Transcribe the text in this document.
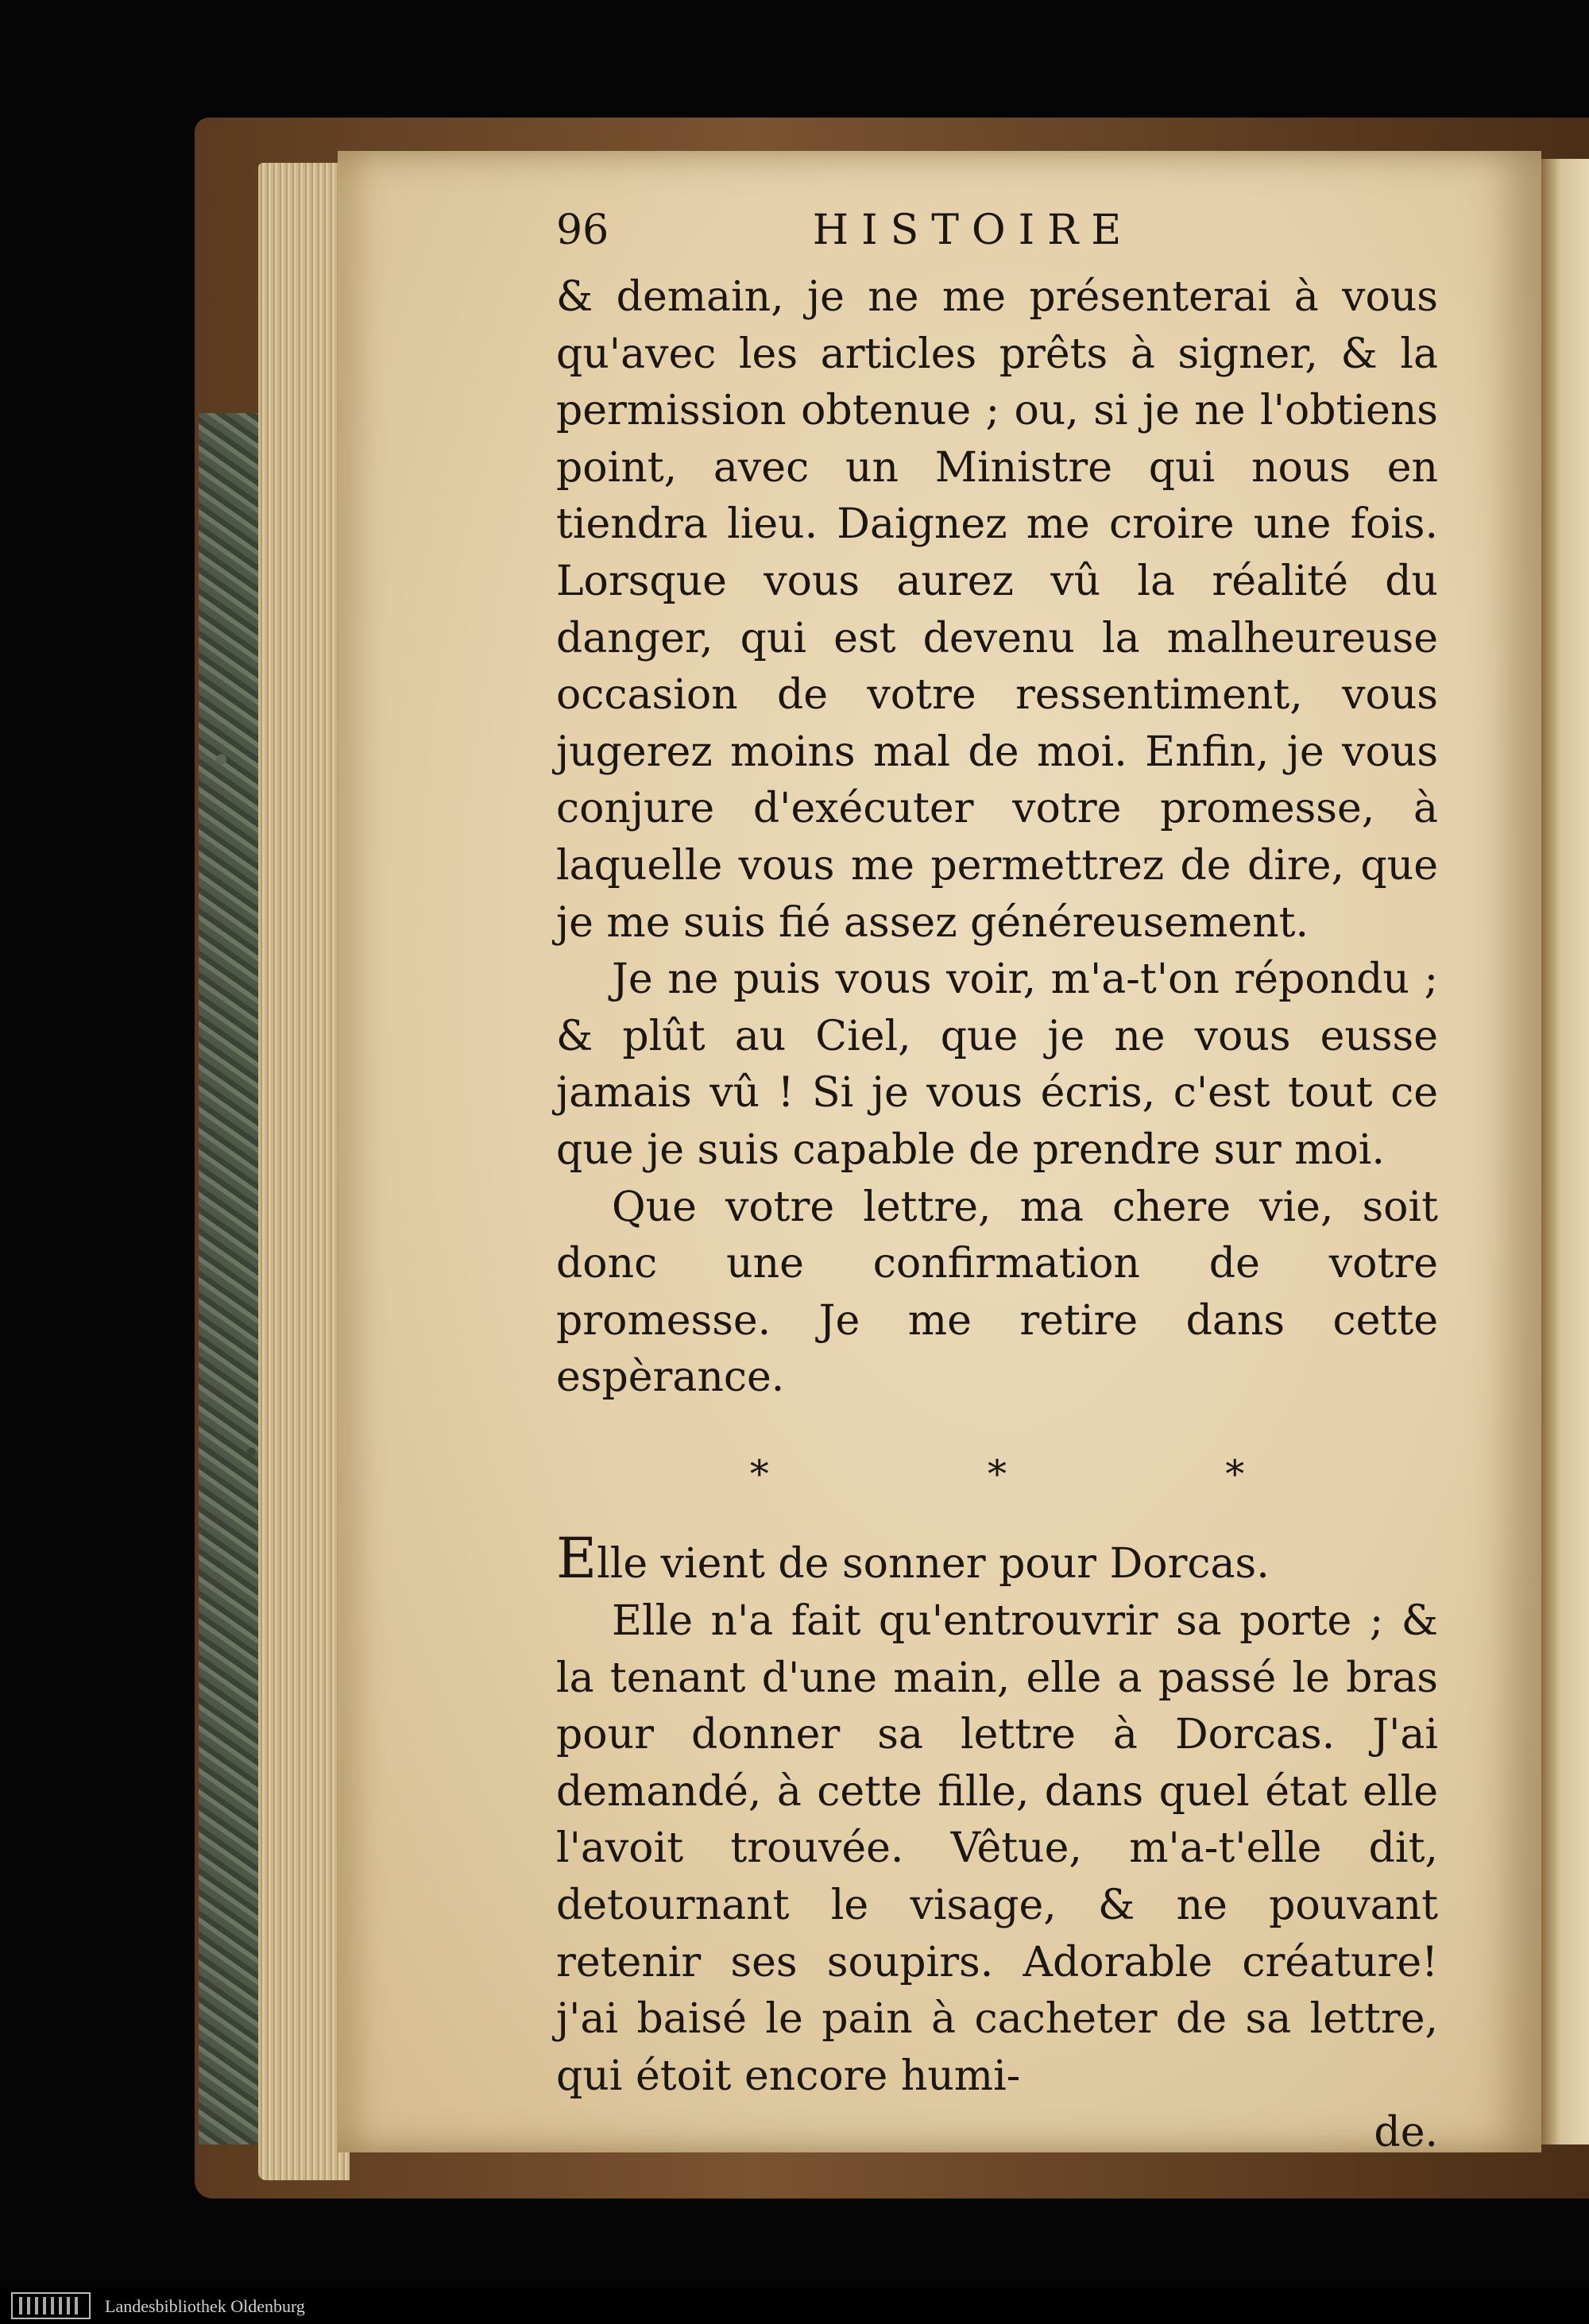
96	HISTOIRE

& demain, je ne me présenterai à vous qu'avec les articles prêts à signer, & la permission obtenue ; ou, si je ne l'obtiens point, avec un Ministre qui nous en tiendra lieu. Daignez me croire une fois. Lorsque vous aurez vû la réalité du danger, qui est devenu la malheureuse occasion de votre ressentiment, vous jugerez moins mal de moi. Enfin, je vous conjure d'exécuter votre promesse, à laquelle vous me permettrez de dire, que je me suis fié assez généreusement.

Je ne puis vous voir, m'a-t'on répondu ; & plût au Ciel, que je ne vous eusse jamais vû ! Si je vous écris, c'est tout ce que je suis capable de prendre sur moi.

Que votre lettre, ma chere vie, soit donc une confirmation de votre promesse. Je me retire dans cette espèrance.

* * *

Elle vient de sonner pour Dorcas.

Elle n'a fait qu'entrouvrir sa porte ; & la tenant d'une main, elle a passé le bras pour donner sa lettre à Dorcas. J'ai demandé, à cette fille, dans quel état elle l'avoit trouvée. Vêtue, m'a-t'elle dit, detournant le visage, & ne pouvant retenir ses soupirs. Adorable créature! j'ai baisé le pain à cacheter de sa lettre, qui étoit encore humi-

de.

Landesbibliothek Oldenburg
